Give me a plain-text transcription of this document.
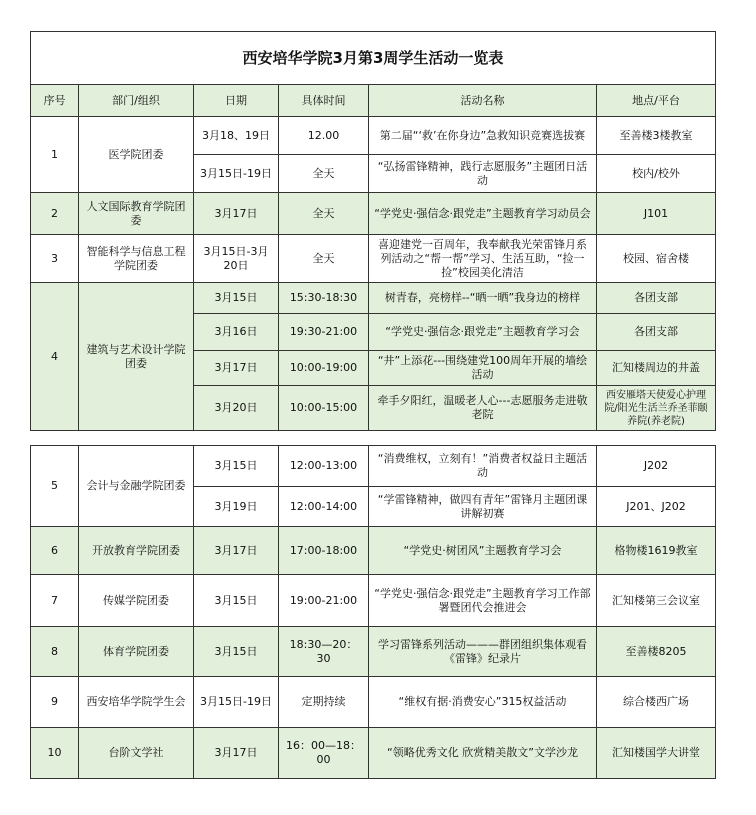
西安培华学院3月第3周学生活动一览表					
序号	部门/组织	日期	具体时间	活动名称	地点/平台
1	医学院团委	3月18、19日	12.00	第二届“‘救’在你身边”急救知识竞赛选拔赛	至善楼3楼教室
		3月15日-19日	全天	“弘扬雷锋精神，践行志愿服务”主题团日活动	校内/校外
2	人文国际教育学院团委	3月17日	全天	“学党史·强信念·跟党走”主题教育学习动员会	J101
3	智能科学与信息工程学院团委	3月15日-3月20日	全天	喜迎建党一百周年，我奉献我光荣雷锋月系列活动之“帮一帮”学习、生活互助，“捡一捡”校园美化清洁	校园、宿舍楼
4	建筑与艺术设计学院团委	3月15日	15:30-18:30	树青春，亮榜样--“晒一晒”我身边的榜样	各团支部
		3月16日	19:30-21:00	“学党史·强信念·跟党走”主题教育学习会	各团支部
		3月17日	10:00-19:00	“井”上添花---围绕建党100周年开展的墙绘活动	汇知楼周边的井盖
		3月20日	10:00-15:00	牵手夕阳红，温暖老人心---志愿服务走进敬老院	西安雁塔天使爱心护理院/阳光生活兰乔圣菲颐养院(养老院)
5	会计与金融学院团委	3月15日	12:00-13:00	“消费维权，立刻有！”消费者权益日主题活动	J202
		3月19日	12:00-14:00	“学雷锋精神，做四有青年”雷锋月主题团课讲解初赛	J201、J202
6	开放教育学院团委	3月17日	17:00-18:00	“学党史·树团风”主题教育学习会	格物楼1619教室
7	传媒学院团委	3月15日	19:00-21:00	“学党史·强信念·跟党走”主题教育学习工作部署暨团代会推进会	汇知楼第三会议室
8	体育学院团委	3月15日	18:30—20：30	学习雷锋系列活动———群团组织集体观看《雷锋》纪录片	至善楼8205
9	西安培华学院学生会	3月15日-19日	定期持续	“维权有据·消费安心”315权益活动	综合楼西广场
10	台阶文学社	3月17日	16：00—18：00	“领略优秀文化 欣赏精美散文”文学沙龙	汇知楼国学大讲堂
